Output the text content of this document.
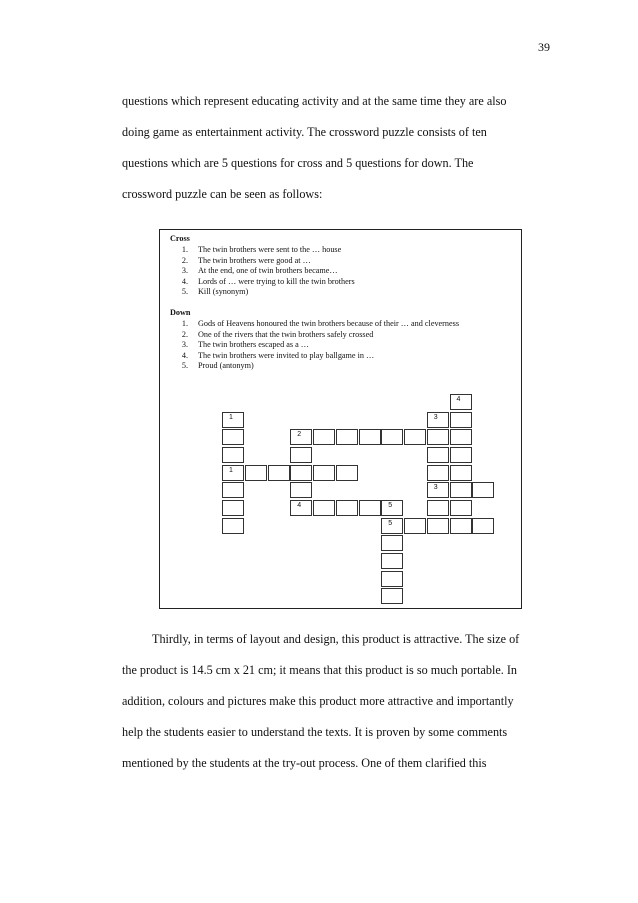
39
questions which represent educating activity and at the same time they are also
doing game as entertainment activity. The crossword puzzle consists of ten
questions which are 5 questions for cross and 5 questions for down. The
crossword puzzle can be seen as follows:
Cross
1.	The twin brothers were sent to the … house
2.	The twin brothers were good at …
3.	At the end, one of twin brothers became…
4.	Lords of … were trying to kill the twin brothers
5.	Kill (synonym)
Down
1.	Gods of Heavens honoured the twin brothers because of their … and cleverness
2.	One of the rivers that the twin brothers safely crossed
3.	The twin brothers escaped as a …
4.	The twin brothers were invited to play ballgame in …
5.	Proud (antonym)
1
1
3
3
4
2
4	5
5
Thirdly, in terms of layout and design, this product is attractive. The size of
the product is 14.5 cm x 21 cm; it means that this product is so much portable. In
addition, colours and pictures make this product more attractive and importantly
help the students easier to understand the texts. It is proven by some comments
mentioned by the students at the try-out process. One of them clarified this
